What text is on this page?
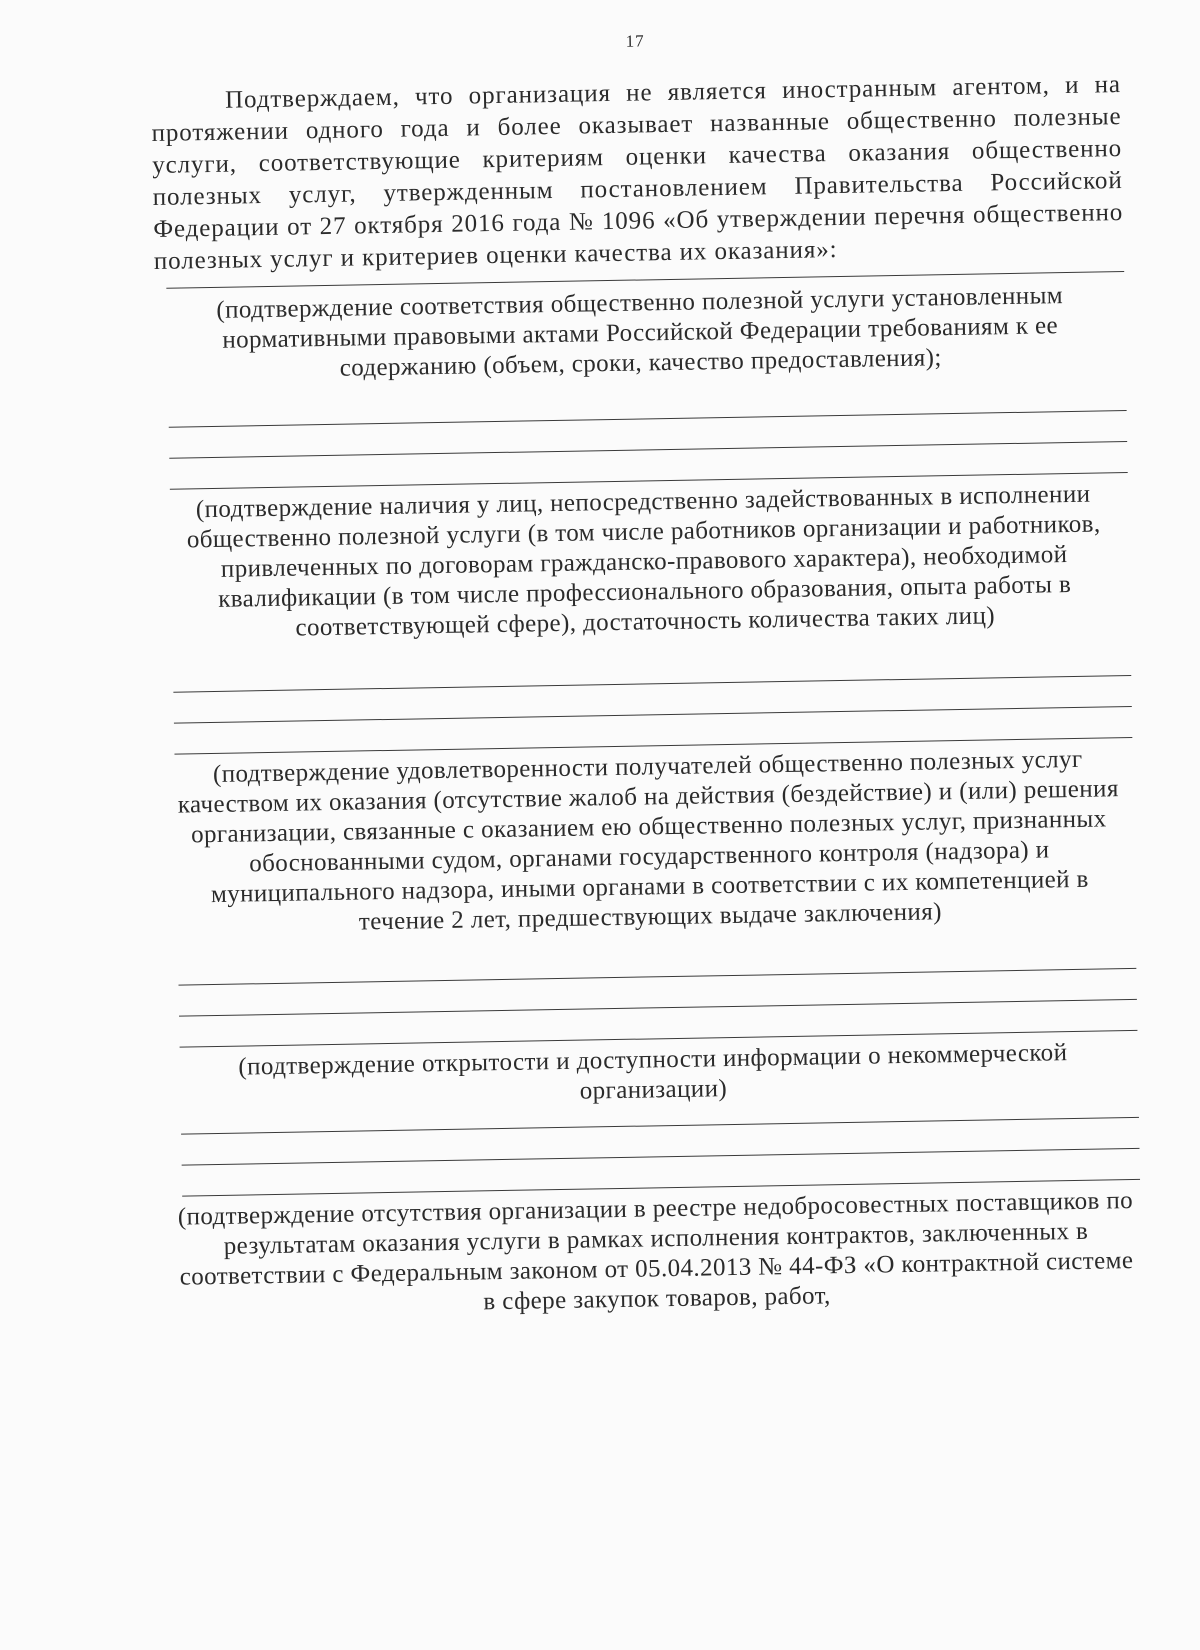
17

Подтверждаем, что организация не является иностранным агентом, и на протяжении одного года и более оказывает названные общественно полезные услуги, соответствующие критериям оценки качества оказания общественно полезных услуг, утвержденным постановлением Правительства Российской Федерации от 27 октября 2016 года № 1096 «Об утверждении перечня общественно полезных услуг и критериев оценки качества их оказания»:

(подтверждение соответствия общественно полезной услуги установленным нормативными правовыми актами Российской Федерации требованиям к ее содержанию (объем, сроки, качество предоставления);

(подтверждение наличия у лиц, непосредственно задействованных в исполнении общественно полезной услуги (в том числе работников организации и работников, привлеченных по договорам гражданско-правового характера), необходимой квалификации (в том числе профессионального образования, опыта работы в соответствующей сфере), достаточность количества таких лиц)

(подтверждение удовлетворенности получателей общественно полезных услуг качеством их оказания (отсутствие жалоб на действия (бездействие) и (или) решения организации, связанные с оказанием ею общественно полезных услуг, признанных обоснованными судом, органами государственного контроля (надзора) и муниципального надзора, иными органами в соответствии с их компетенцией в течение 2 лет, предшествующих выдаче заключения)

(подтверждение открытости и доступности информации о некоммерческой организации)

(подтверждение отсутствия организации в реестре недобросовестных поставщиков по результатам оказания услуги в рамках исполнения контрактов, заключенных в соответствии с Федеральным законом от 05.04.2013 № 44-ФЗ «О контрактной системе в сфере закупок товаров, работ,
